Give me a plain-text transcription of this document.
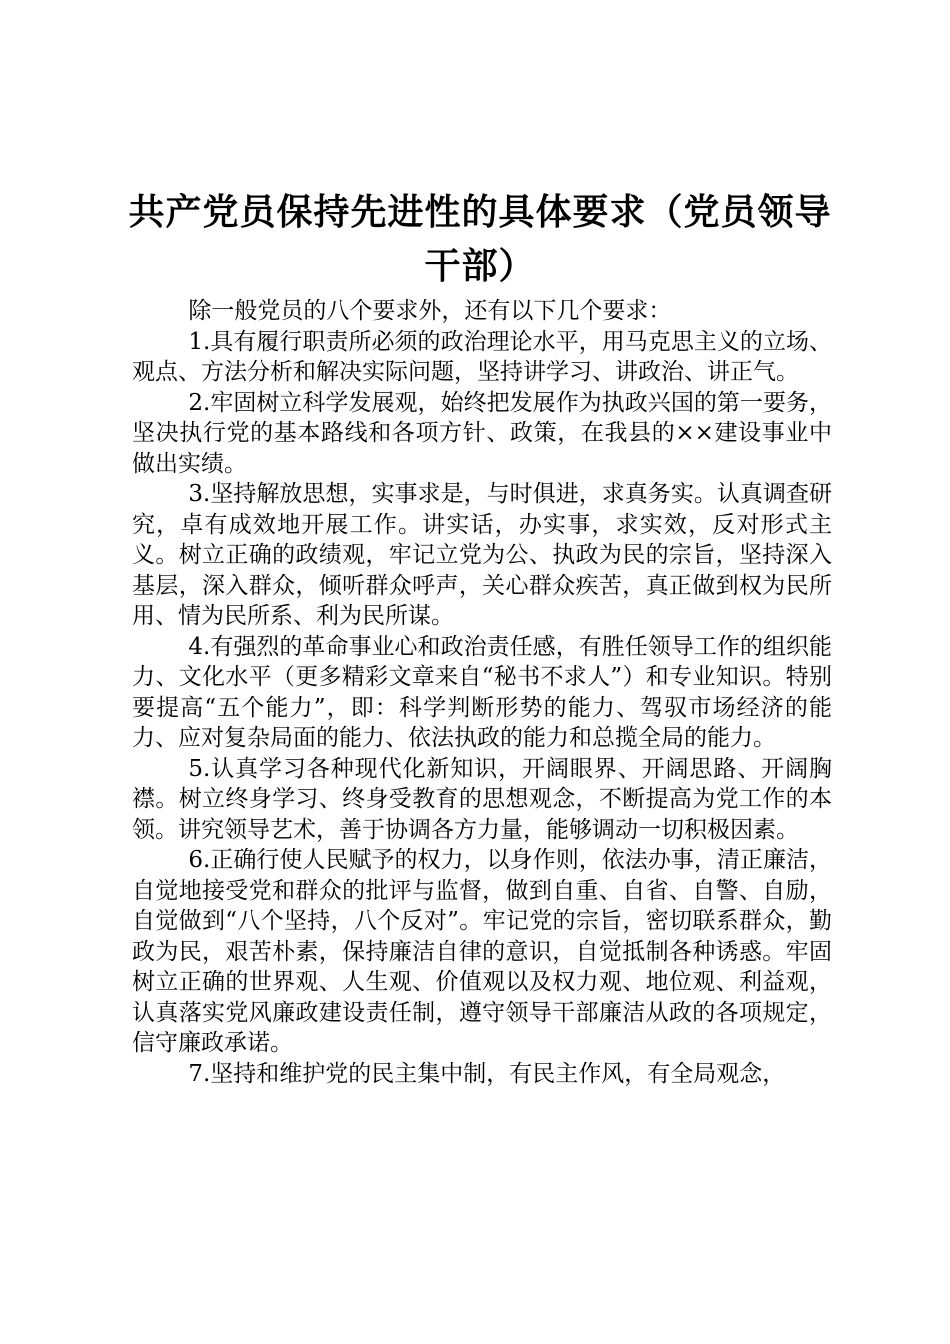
共产党员保持先进性的具体要求（党员领导干部）

除一般党员的八个要求外，还有以下几个要求：

1.具有履行职责所必须的政治理论水平，用马克思主义的立场、观点、方法分析和解决实际问题，坚持讲学习、讲政治、讲正气。

2.牢固树立科学发展观，始终把发展作为执政兴国的第一要务，坚决执行党的基本路线和各项方针、政策，在我县的××建设事业中做出实绩。

3.坚持解放思想，实事求是，与时俱进，求真务实。认真调查研究，卓有成效地开展工作。讲实话，办实事，求实效，反对形式主义。树立正确的政绩观，牢记立党为公、执政为民的宗旨，坚持深入基层，深入群众，倾听群众呼声，关心群众疾苦，真正做到权为民所用、情为民所系、利为民所谋。

4.有强烈的革命事业心和政治责任感，有胜任领导工作的组织能力、文化水平（更多精彩文章来自“秘书不求人”）和专业知识。特别要提高“五个能力”，即：科学判断形势的能力、驾驭市场经济的能力、应对复杂局面的能力、依法执政的能力和总揽全局的能力。

5.认真学习各种现代化新知识，开阔眼界、开阔思路、开阔胸襟。树立终身学习、终身受教育的思想观念，不断提高为党工作的本领。讲究领导艺术，善于协调各方力量，能够调动一切积极因素。

6.正确行使人民赋予的权力，以身作则，依法办事，清正廉洁，自觉地接受党和群众的批评与监督，做到自重、自省、自警、自励，自觉做到“八个坚持，八个反对”。牢记党的宗旨，密切联系群众，勤政为民，艰苦朴素，保持廉洁自律的意识，自觉抵制各种诱惑。牢固树立正确的世界观、人生观、价值观以及权力观、地位观、利益观，认真落实党风廉政建设责任制，遵守领导干部廉洁从政的各项规定，信守廉政承诺。

7.坚持和维护党的民主集中制，有民主作风，有全局观念，
